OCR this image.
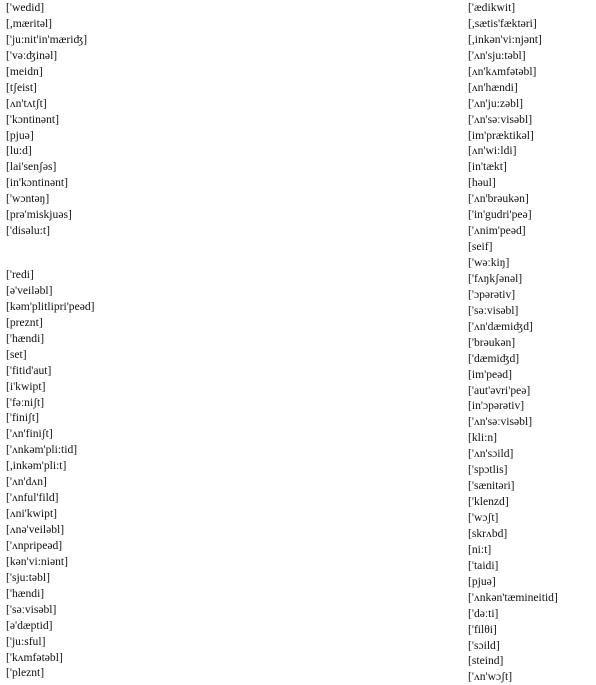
['wedid]
[,mæritəl]
['ju:nit'in'mæriʤ]
['vəːʤinəl]
[meidn]
[tʃeist]
[ʌn'tʌtʃt]
['kɔntinənt]
[pjuə]
[lu:d]
[lai'senʃəs]
[in'kɔntinənt]
['wɔntəŋ]
[prə'miskjuəs]
['disəlu:t]
['redi]
[ə'veiləbl]
[kəm'plitlipri'peəd]
[preznt]
['hændi]
[set]
['fitid'aut]
[i'kwipt]
['fəːniʃt]
['finiʃt]
['ʌn'finiʃt]
['ʌnkəm'pli:tid]
[,inkəm'pli:t]
['ʌn'dʌn]
['ʌnful'fild]
[ʌni'kwipt]
[ʌnə'veiləbl]
['ʌnpripeəd]
[kən'vi:niənt]
['sju:təbl]
['hændi]
['səːvisəbl]
[ə'dæptid]
['ju:sful]
['kʌmfətəbl]
['pleznt]
['ædikwit]
[,sætis'fæktəri]
[,inkən'vi:njənt]
['ʌn'sju:təbl]
[ʌn'kʌmfətəbl]
[ʌn'hændi]
['ʌn'ju:zəbl]
['ʌn'səːvisəbl]
[im'præktikəl]
[ʌn'wi:ldi]
[in'tækt]
[həul]
['ʌn'brəukən]
['in'gudri'peə]
['ʌnim'peəd]
[seif]
['wəːkiŋ]
['fʌŋkʃənəl]
['ɔpərətiv]
['səːvisəbl]
['ʌn'dæmiʤd]
['brəukən]
['dæmiʤd]
[im'peəd]
['aut'əvri'peə]
[in'ɔpərətiv]
['ʌn'səːvisəbl]
[kli:n]
['ʌn'sɔild]
['spɔtlis]
['sænitəri]
['klenzd]
['wɔʃt]
[skrʌbd]
[ni:t]
['taidi]
[pjuə]
['ʌnkən'tæmineitid]
['dəːti]
['filθi]
['sɔild]
[steind]
['ʌn'wɔʃt]
